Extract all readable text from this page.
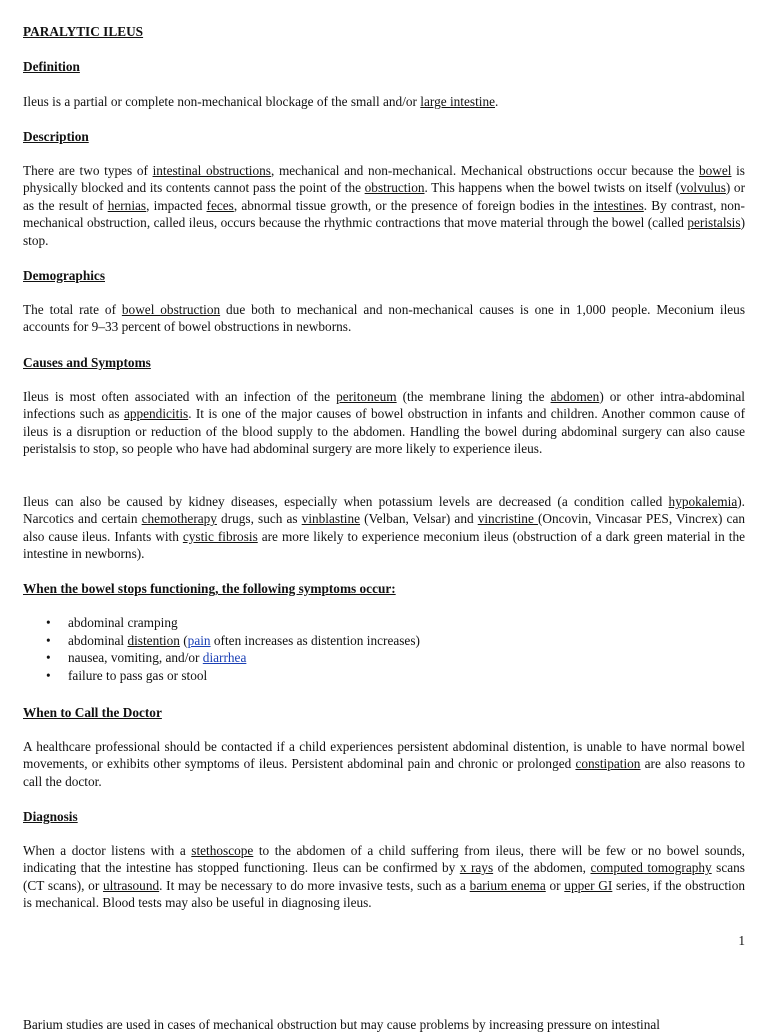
PARALYTIC ILEUS
Definition
Ileus is a partial or complete non-mechanical blockage of the small and/or large intestine.
Description
There are two types of intestinal obstructions, mechanical and non-mechanical. Mechanical obstructions occur because the bowel is physically blocked and its contents cannot pass the point of the obstruction. This happens when the bowel twists on itself (volvulus) or as the result of hernias, impacted feces, abnormal tissue growth, or the presence of foreign bodies in the intestines. By contrast, non-mechanical obstruction, called ileus, occurs because the rhythmic contractions that move material through the bowel (called peristalsis) stop.
Demographics
The total rate of bowel obstruction due both to mechanical and non-mechanical causes is one in 1,000 people. Meconium ileus accounts for 9–33 percent of bowel obstructions in newborns.
Causes and Symptoms
Ileus is most often associated with an infection of the peritoneum (the membrane lining the abdomen) or other intra-abdominal infections such as appendicitis. It is one of the major causes of bowel obstruction in infants and children. Another common cause of ileus is a disruption or reduction of the blood supply to the abdomen. Handling the bowel during abdominal surgery can also cause peristalsis to stop, so people who have had abdominal surgery are more likely to experience ileus.
Ileus can also be caused by kidney diseases, especially when potassium levels are decreased (a condition called hypokalemia). Narcotics and certain chemotherapy drugs, such as vinblastine (Velban, Velsar) and vincristine (Oncovin, Vincasar PES, Vincrex) can also cause ileus. Infants with cystic fibrosis are more likely to experience meconium ileus (obstruction of a dark green material in the intestine in newborns).
When the bowel stops functioning, the following symptoms occur:
• abdominal cramping
• abdominal distention (pain often increases as distention increases)
• nausea, vomiting, and/or diarrhea
• failure to pass gas or stool
When to Call the Doctor
A healthcare professional should be contacted if a child experiences persistent abdominal distention, is unable to have normal bowel movements, or exhibits other symptoms of ileus. Persistent abdominal pain and chronic or prolonged constipation are also reasons to call the doctor.
Diagnosis
When a doctor listens with a stethoscope to the abdomen of a child suffering from ileus, there will be few or no bowel sounds, indicating that the intestine has stopped functioning. Ileus can be confirmed by x rays of the abdomen, computed tomography scans (CT scans), or ultrasound. It may be necessary to do more invasive tests, such as a barium enema or upper GI series, if the obstruction is mechanical. Blood tests may also be useful in diagnosing ileus.
1
Barium studies are used in cases of mechanical obstruction but may cause problems by increasing pressure on intestinal
